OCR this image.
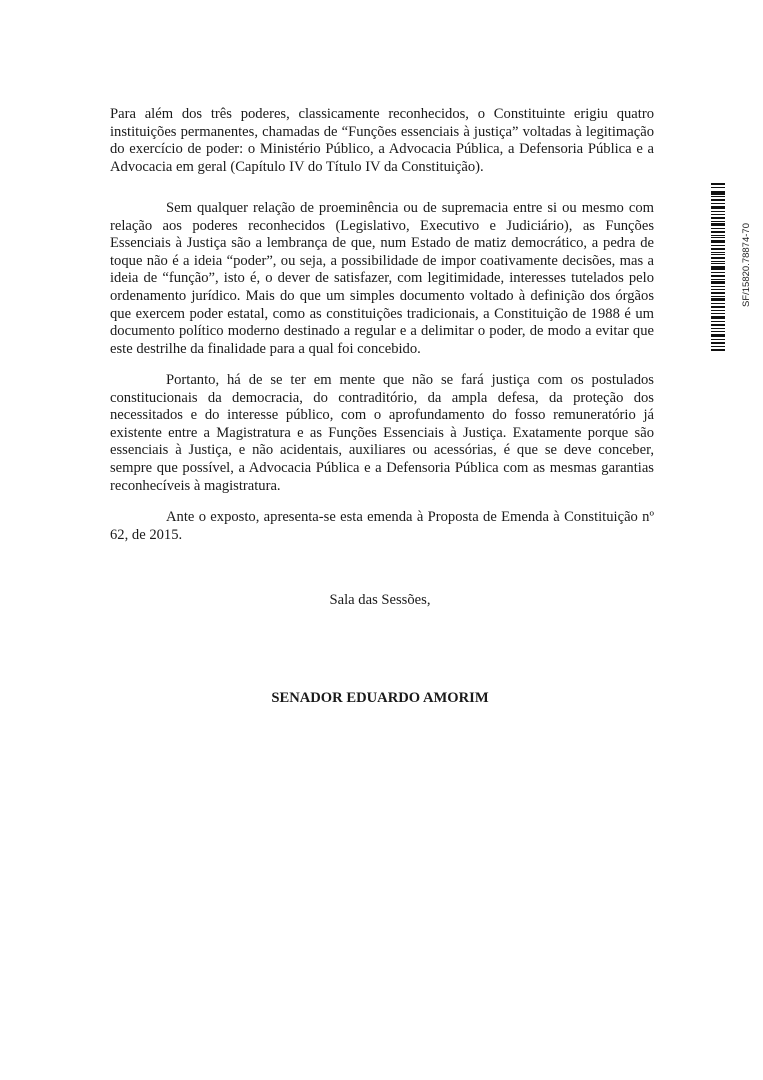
Para além dos três poderes, classicamente reconhecidos, o Constituinte erigiu quatro instituições permanentes, chamadas de “Funções essenciais à justiça” voltadas à legitimação do exercício de poder: o Ministério Público, a Advocacia Pública, a Defensoria Pública e a Advocacia em geral (Capítulo IV do Título IV da Constituição).

Sem qualquer relação de proeminência ou de supremacia entre si ou mesmo com relação aos poderes reconhecidos (Legislativo, Executivo e Judiciário), as Funções Essenciais à Justiça são a lembrança de que, num Estado de matiz democrático, a pedra de toque não é a ideia “poder”, ou seja, a possibilidade de impor coativamente decisões, mas a ideia de “função”, isto é, o dever de satisfazer, com legitimidade, interesses tutelados pelo ordenamento jurídico. Mais do que um simples documento voltado à definição dos órgãos que exercem poder estatal, como as constituições tradicionais, a Constituição de 1988 é um documento político moderno destinado a regular e a delimitar o poder, de modo a evitar que este destrilhe da finalidade para a qual foi concebido.

Portanto, há de se ter em mente que não se fará justiça com os postulados constitucionais da democracia, do contraditório, da ampla defesa, da proteção dos necessitados e do interesse público, com o aprofundamento do fosso remuneratório já existente entre a Magistratura e as Funções Essenciais à Justiça. Exatamente porque são essenciais à Justiça, e não acidentais, auxiliares ou acessórias, é que se deve conceber, sempre que possível, a Advocacia Pública e a Defensoria Pública com as mesmas garantias reconhecíveis à magistratura.

Ante o exposto, apresenta-se esta emenda à Proposta de Emenda à Constituição nº 62, de 2015.

Sala das Sessões,

SENADOR EDUARDO AMORIM

SF/15820.78874-70
